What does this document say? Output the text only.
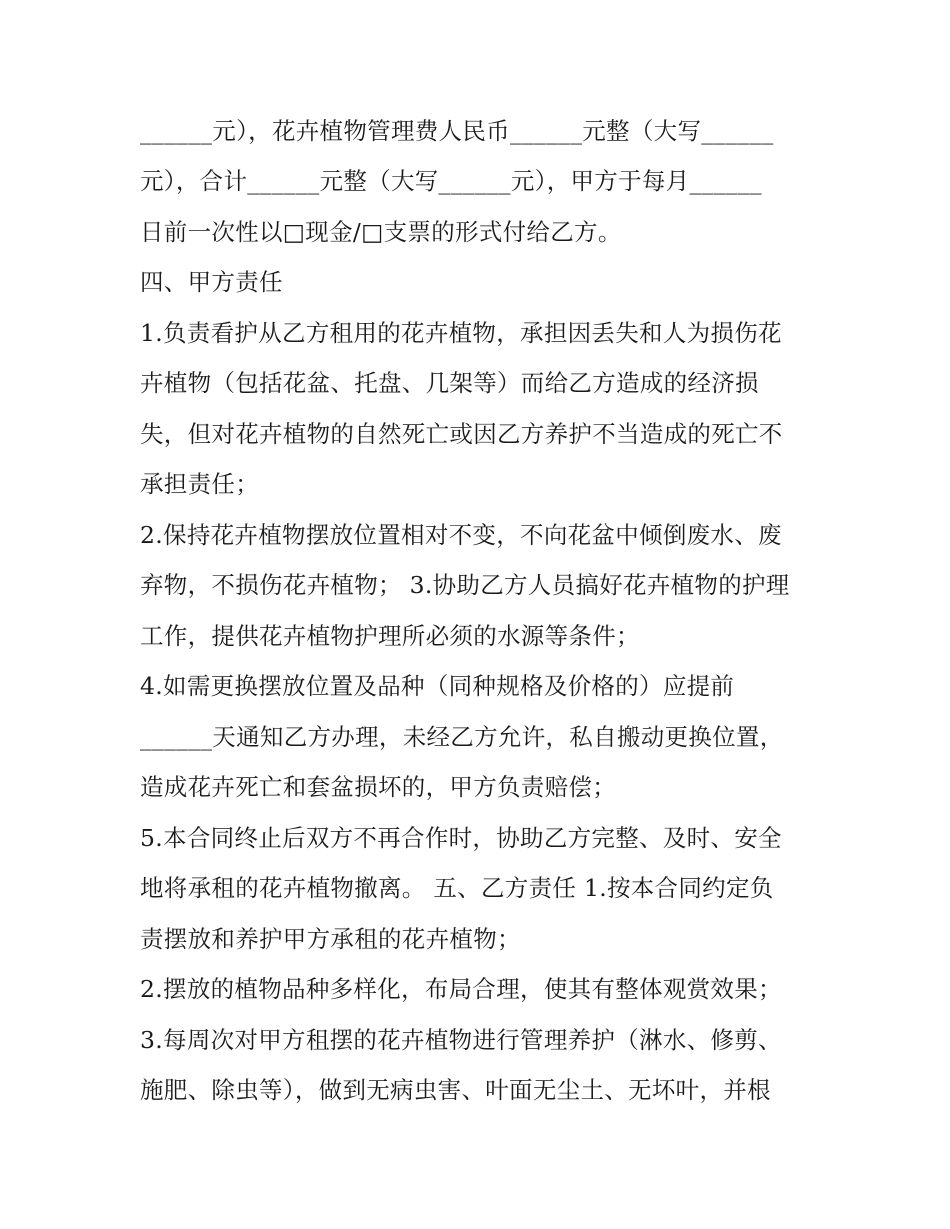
______元），花卉植物管理费人民币______元整（大写______
元），合计______元整（大写______元），甲方于每月______
日前一次性以□现金/□支票的形式付给乙方。
四、甲方责任
1.负责看护从乙方租用的花卉植物，承担因丢失和人为损伤花
卉植物（包括花盆、托盘、几架等）而给乙方造成的经济损
失，但对花卉植物的自然死亡或因乙方养护不当造成的死亡不
承担责任；
2.保持花卉植物摆放位置相对不变，不向花盆中倾倒废水、废
弃物，不损伤花卉植物； 3.协助乙方人员搞好花卉植物的护理
工作，提供花卉植物护理所必须的水源等条件；
4.如需更换摆放位置及品种（同种规格及价格的）应提前
______天通知乙方办理，未经乙方允许，私自搬动更换位置，
造成花卉死亡和套盆损坏的，甲方负责赔偿；
5.本合同终止后双方不再合作时，协助乙方完整、及时、安全
地将承租的花卉植物撤离。 五、乙方责任 1.按本合同约定负
责摆放和养护甲方承租的花卉植物；
2.摆放的植物品种多样化，布局合理，使其有整体观赏效果；
3.每周次对甲方租摆的花卉植物进行管理养护（淋水、修剪、
施肥、除虫等），做到无病虫害、叶面无尘土、无坏叶，并根
